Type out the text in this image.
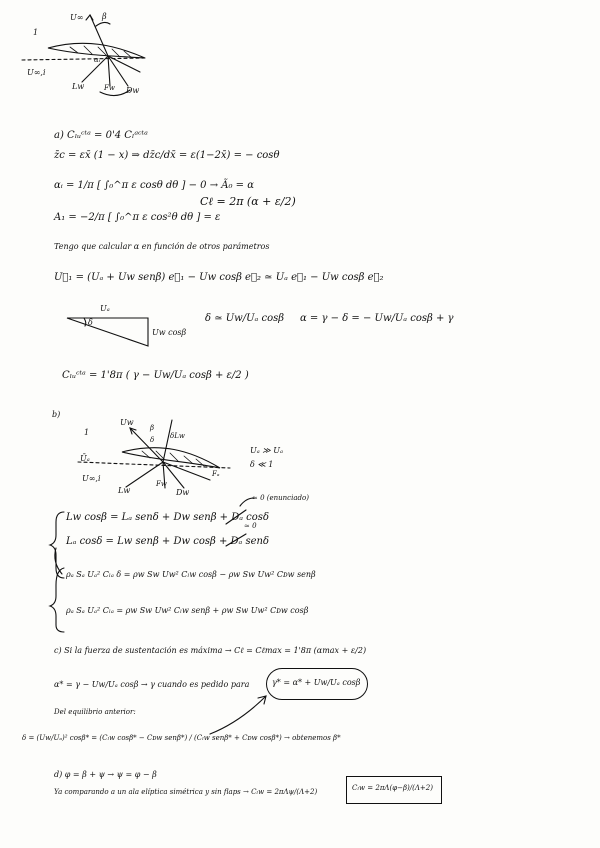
1
U∞ β
αᵢ
U∞,i
Lw	Fw Dw
a) Cₗᵤᶜᵗᵃ = 0'4 Cₗᵃᶜᵗᵃ
z̄c = εx̄ (1 − x) ⇒ dz̄c/dx̄ = ε(1−2x̄) = − cosθ
αᵢ = 1/π [ ∫₀^π ε cosθ dθ ] − 0 → Ã₀ = α
A₁ = −2/π [ ∫₀^π ε cos²θ dθ ] = ε
Cℓ = 2π (α + ε/2)
Tengo que calcular α en función de otros parámetros
U⃗₁ = (Uₐ + Uw senβ) e⃗₁ − Uw cosβ e⃗₂ ≃ Uₐ e⃗₁ − Uw cosβ e⃗₂
Uₐ
δ
Uw cosβ
δ ≃ Uw/Uₐ cosβ α = γ − δ = − Uw/Uₐ cosβ + γ
Cₗᵤᶜᵗᵃ = 1'8π ( γ − Uw/Uₐ cosβ + ε/2 )
b)
1
Uw
β
δ δLw
Ūₐ
U∞,i
Lw
Fw
Dw
Fₐ
Uₐ ≫ Uₐ
δ ≪ 1
≃ 0 (enunciado)
≃ 0
Lw cosβ = Lₐ senδ + Dw senβ + Dₐ cosδ
Lₐ cosδ = Lw senβ + Dw cosβ + Dₐ senδ
ρₐ Sₐ Uₐ² Cₗₐ δ = ρw Sw Uw² Cₗw cosβ − ρw Sw Uw² Cᴅw senβ
ρₐ Sₐ Uₐ² Cₗₐ = ρw Sw Uw² Cₗw senβ + ρw Sw Uw² Cᴅw cosβ
c) Si la fuerza de sustentación es máxima → Cℓ = Cℓmax = 1'8π (αmax + ε/2)
α* = γ − Uw/Uₐ cosβ → γ cuando es pedido para	γ* = α* + Uw/Uₐ cosβ
Del equilibrio anterior:
δ = (Uw/Uₐ)² cosβ* = (Cₗw cosβ* − Cᴅw senβ*) / (Cₗw senβ* + Cᴅw cosβ*) → obtenemos β*
d) φ = β + ψ → ψ = φ − β
Ya comparando a un ala elíptica simétrica y sin flaps → Cₗw = 2πΛψ/(Λ+2)	Cₗw = 2πΛ(φ−β)/(Λ+2)
